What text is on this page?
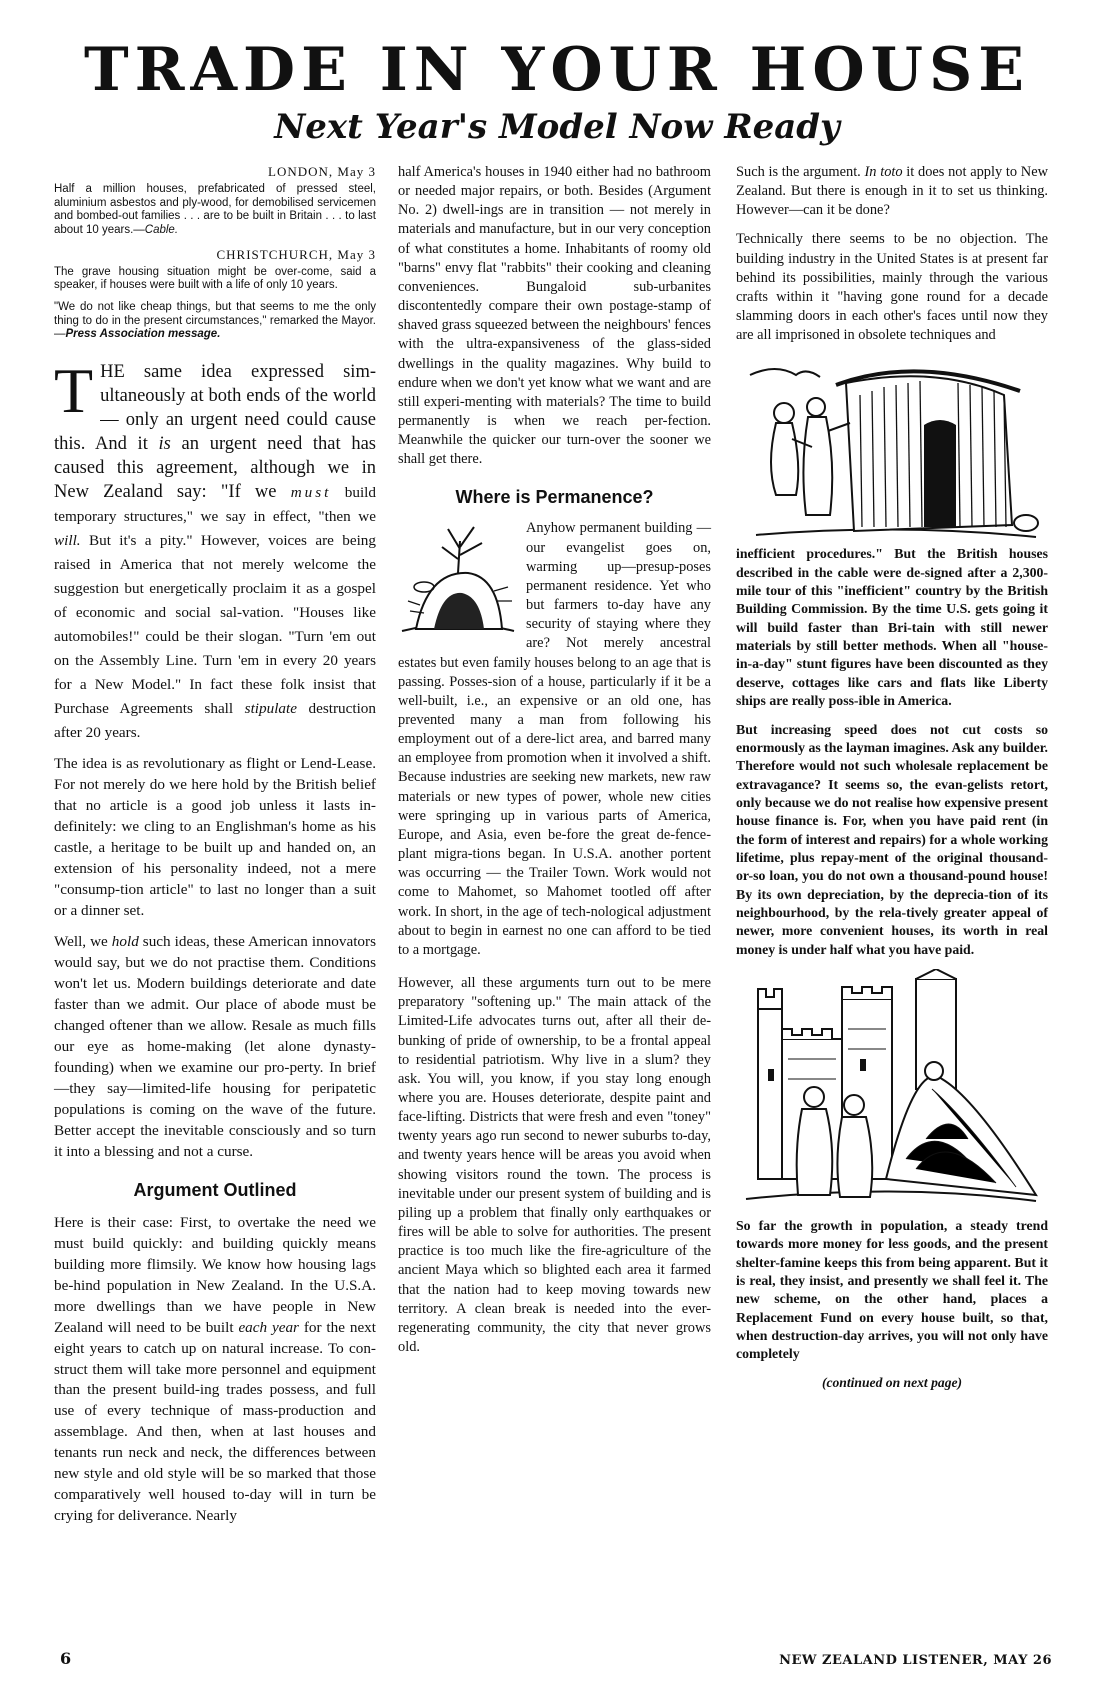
TRADE IN YOUR HOUSE
Next Year's Model Now Ready
LONDON, May 3
Half a million houses, prefabricated of pressed steel, aluminium asbestos and ply-wood, for demobilised servicemen and bombed-out families . . . are to be built in Britain . . . to last about 10 years.—Cable.
CHRISTCHURCH, May 3
The grave housing situation might be over-come, said a speaker, if houses were built with a life of only 10 years.
"We do not like cheap things, but that seems to me the only thing to do in the present circumstances," remarked the Mayor.—Press Association message.

THE same idea expressed sim-ultaneously at both ends of the world — only an urgent need could cause this. And it is an urgent need that has caused this agreement, although we in New Zealand say: "If we must build temporary structures," we say in effect, "then we will. But it's a pity." However, voices are being raised in America that not merely welcome the suggestion but energetically proclaim it as a gospel of economic and social sal-vation. "Houses like automobiles!" could be their slogan. "Turn 'em out on the Assembly Line. Turn 'em in every 20 years for a New Model." In fact these folk insist that Purchase Agreements shall stipulate destruction after 20 years.

The idea is as revolutionary as flight or Lend-Lease. For not merely do we here hold by the British belief that no article is a good job unless it lasts in-definitely: we cling to an Englishman's home as his castle, a heritage to be built up and handed on, an extension of his personality indeed, not a mere "consump-tion article" to last no longer than a suit or a dinner set.

Well, we hold such ideas, these American innovators would say, but we do not practise them. Conditions won't let us. Modern buildings deteriorate and date faster than we admit. Our place of abode must be changed oftener than we allow. Resale as much fills our eye as home-making (let alone dynasty-founding) when we examine our pro-perty. In brief—they say—limited-life housing for peripatetic populations is coming on the wave of the future. Better accept the inevitable consciously and so turn it into a blessing and not a curse.

Argument Outlined

Here is their case: First, to overtake the need we must build quickly: and building quickly means building more flimsily. We know how housing lags be-hind population in New Zealand. In the U.S.A. more dwellings than we have people in New Zealand will need to be built each year for the next eight years to catch up on natural increase. To con-struct them will take more personnel and equipment than the present build-ing trades possess, and full use of every technique of mass-production and assemblage. And then, when at last houses and tenants run neck and neck, the differences between new style and old style will be so marked that those comparatively well housed to-day will in turn be crying for deliverance. Nearly

half America's houses in 1940 either had no bathroom or needed major repairs, or both. Besides (Argument No. 2) dwell-ings are in transition — not merely in materials and manufacture, but in our very conception of what constitutes a home. Inhabitants of roomy old "barns" envy flat "rabbits" their cooking and cleaning conveniences. Bungaloid sub-urbanites discontentedly compare their own postage-stamp of shaved grass squeezed between the neighbours' fences with the ultra-expansiveness of the glass-sided dwellings in the quality magazines. Why build to endure when we don't yet know what we want and are still experi-menting with materials? The time to build permanently is when we reach per-fection. Meanwhile the quicker our turn-over the sooner we shall get there.

Where is Permanence?

Anyhow permanent building — our evangelist goes on, warming up—presup-poses permanent residence. Yet who but farmers to-day have any security of staying where they are? Not merely ancestral estates but even family houses belong to an age that is passing. Posses-sion of a house, particularly if it be a well-built, i.e., an expensive or an old one, has prevented many a man from following his employment out of a dere-lict area, and barred many an employee from promotion when it involved a shift. Because industries are seeking new markets, new raw materials or new types of power, whole new cities were springing up in various parts of America, Europe, and Asia, even be-fore the great de-fence-plant migra-tions began. In U.S.A. another portent was occurring — the Trailer Town. Work would not come to Mahomet, so Mahomet tootled off after work. In short, in the age of tech-nological adjustment about to begin in earnest no one can afford to be tied to a mortgage.

However, all these arguments turn out to be mere preparatory "softening up." The main attack of the Limited-Life advocates turns out, after all their de-bunking of pride of ownership, to be a frontal appeal to residential patriotism. Why live in a slum? they ask. You will, you know, if you stay long enough where you are. Houses deteriorate, despite paint and face-lifting. Districts that were fresh and even "toney" twenty years ago run second to newer suburbs to-day, and twenty years hence will be areas you avoid when showing visitors round the town. The process is inevitable under our present system of building and is piling up a problem that finally only earthquakes or fires will be able to solve for authorities. The present practice is too much like the fire-agriculture of the ancient Maya which so blighted each area it farmed that the nation had to keep moving towards new territory. A clean break is needed into the ever-regenerating community, the city that never grows old.

Such is the argument. In toto it does not apply to New Zealand. But there is enough in it to set us thinking. However—can it be done?

Technically there seems to be no objection. The building industry in the United States is at present far behind its possibilities, mainly through the various crafts within it "having gone round for a decade slamming doors in each other's faces until now they are all imprisoned in obsolete techniques and

inefficient procedures." But the British houses described in the cable were de-signed after a 2,300-mile tour of this "inefficient" country by the British Building Commission. By the time U.S. gets going it will build faster than Bri-tain with still newer materials by still better methods. When all "house-in-a-day" stunt figures have been discounted as they deserve, cottages like cars and flats like Liberty ships are really poss-ible in America.

But increasing speed does not cut costs so enormously as the layman imagines. Ask any builder. Therefore would not such wholesale replacement be extravagance? It seems so, the evan-gelists retort, only because we do not realise how expensive present house finance is. For, when you have paid rent (in the form of interest and repairs) for a whole working lifetime, plus repay-ment of the original thousand-or-so loan, you do not own a thousand-pound house! By its own depreciation, by the deprecia-tion of its neighbourhood, by the rela-tively greater appeal of newer, more convenient houses, its worth in real money is under half what you have paid.

So far the growth in population, a steady trend towards more money for less goods, and the present shelter-famine keeps this from being apparent. But it is real, they insist, and presently we shall feel it. The new scheme, on the other hand, places a Replacement Fund on every house built, so that, when destruction-day arrives, you will not only have completely

(continued on next page)
6	NEW ZEALAND LISTENER, MAY 26
